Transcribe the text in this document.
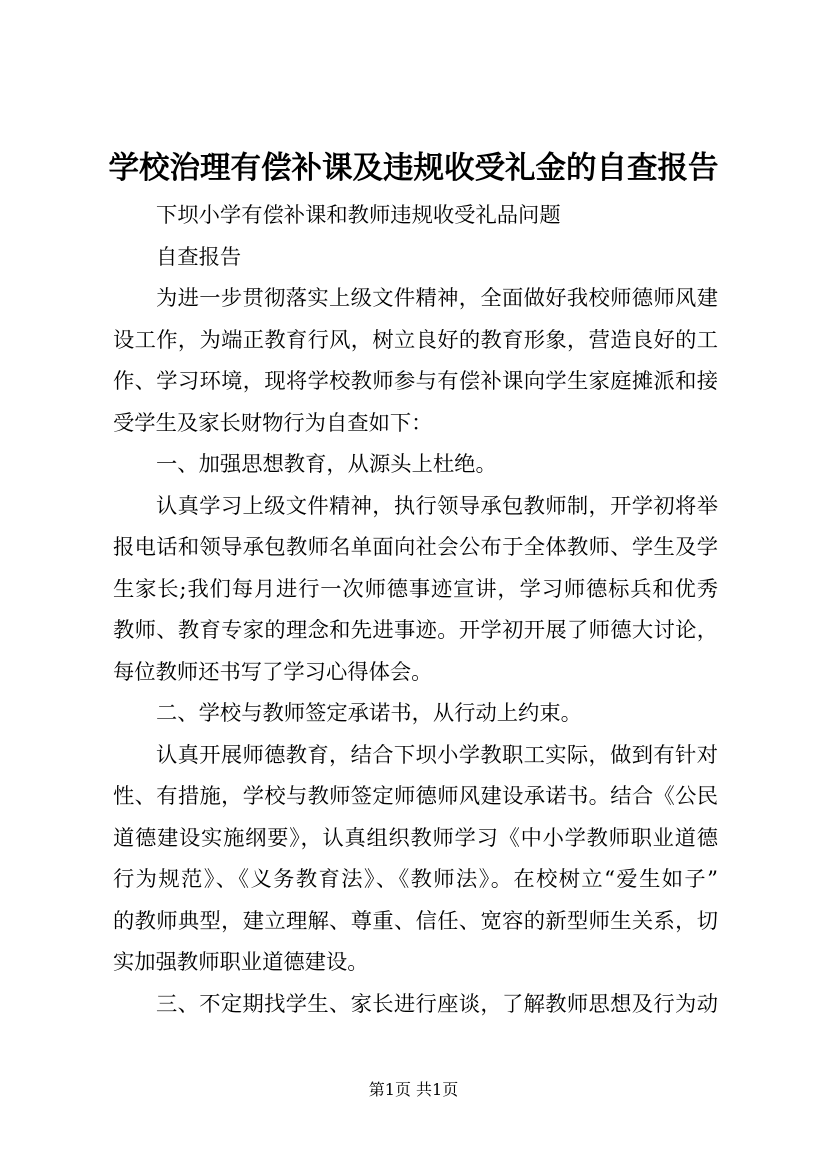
学校治理有偿补课及违规收受礼金的自查报告
下坝小学有偿补课和教师违规收受礼品问题
自查报告
为进一步贯彻落实上级文件精神，全面做好我校师德师风建
设工作，为端正教育行风，树立良好的教育形象，营造良好的工
作、学习环境，现将学校教师参与有偿补课向学生家庭摊派和接
受学生及家长财物行为自查如下：
一、加强思想教育，从源头上杜绝。
认真学习上级文件精神，执行领导承包教师制，开学初将举
报电话和领导承包教师名单面向社会公布于全体教师、学生及学
生家长;我们每月进行一次师德事迹宣讲，学习师德标兵和优秀
教师、教育专家的理念和先进事迹。开学初开展了师德大讨论，
每位教师还书写了学习心得体会。
二、学校与教师签定承诺书，从行动上约束。
认真开展师德教育，结合下坝小学教职工实际，做到有针对
性、有措施，学校与教师签定师德师风建设承诺书。结合《公民
道德建设实施纲要》，认真组织教师学习《中小学教师职业道德
行为规范》、《义务教育法》、《教师法》。在校树立“爱生如子”
的教师典型，建立理解、尊重、信任、宽容的新型师生关系，切
实加强教师职业道德建设。
三、不定期找学生、家长进行座谈，了解教师思想及行为动
第1页 共1页
